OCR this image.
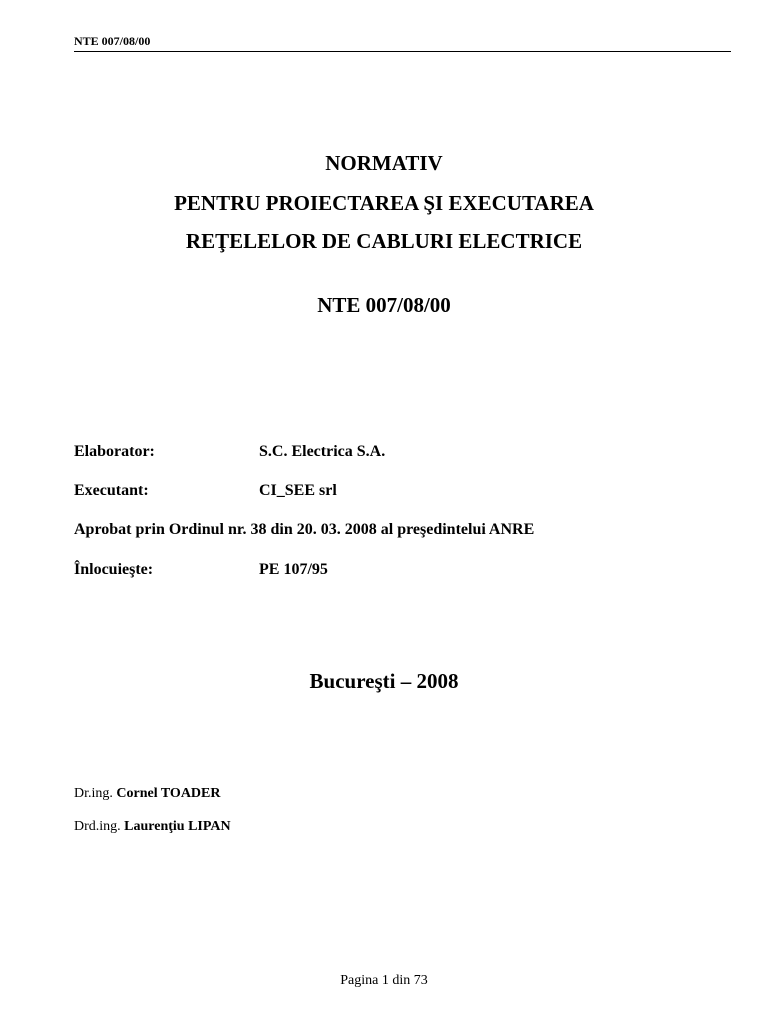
NTE 007/08/00

NORMATIV

PENTRU PROIECTAREA ŞI EXECUTAREA

REŢELELOR DE CABLURI ELECTRICE

NTE 007/08/00

Elaborator:	S.C. Electrica S.A.
Executant:	CI_SEE srl
Aprobat prin Ordinul nr. 38 din 20. 03. 2008 al preşedintelui ANRE
Înlocuieşte:	PE 107/95
Bucureşti – 2008
Dr.ing. Cornel TOADER
Drd.ing. Laurenţiu LIPAN
Pagina 1 din 73
